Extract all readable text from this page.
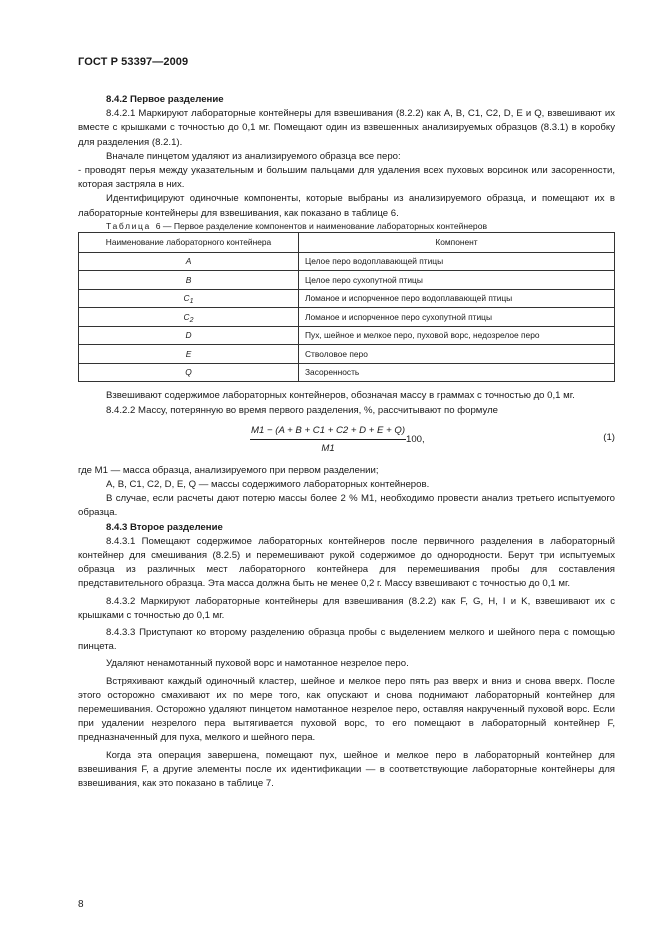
ГОСТ Р 53397—2009

8.4.2 Первое разделение

8.4.2.1 Маркируют лабораторные контейнеры для взвешивания (8.2.2) как A, B, C1, C2, D, E и Q, взвешивают их вместе с крышками с точностью до 0,1 мг. Помещают один из взвешенных анализируемых образцов (8.3.1) в коробку для разделения (8.2.1).

Вначале пинцетом удаляют из анализируемого образца все перо:

- проводят перья между указательным и большим пальцами для удаления всех пуховых ворсинок или засоренности, которая застряла в них.

Идентифицируют одиночные компоненты, которые выбраны из анализируемого образца, и помещают их в лабораторные контейнеры для взвешивания, как показано в таблице 6.

Таблица 6 — Первое разделение компонентов и наименование лабораторных контейнеров

Наименование лабораторного контейнера	Компонент
A	Целое перо водоплавающей птицы
B	Целое перо сухопутной птицы
$C_1$	Ломаное и испорченное перо водоплавающей птицы
$C_2$	Ломаное и испорченное перо сухопутной птицы
D	Пух, шейное и мелкое перо, пуховой ворс, недозрелое перо
E	Стволовое перо
Q	Засоренность

Взвешивают содержимое лабораторных контейнеров, обозначая массу в граммах с точностью до 0,1 мг.

8.4.2.2 Массу, потерянную во время первого разделения, %, рассчитывают по формуле

$\frac{M1 - (A + B + C1 + C2 + D + E + Q)}{M1} 100$,	(1)

где M1 — масса образца, анализируемого при первом разделении;

A, B, C1, C2, D, E, Q — массы содержимого лабораторных контейнеров.

В случае, если расчеты дают потерю массы более 2 % M1, необходимо провести анализ третьего испытуемого образца.

8.4.3 Второе разделение

8.4.3.1 Помещают содержимое лабораторных контейнеров после первичного разделения в лабораторный контейнер для смешивания (8.2.5) и перемешивают рукой содержимое до однородности. Берут три испытуемых образца из различных мест лабораторного контейнера для перемешивания пробы для составления представительного образца. Эта масса должна быть не менее 0,2 г. Массу взвешивают с точностью до 0,1 мг.

8.4.3.2 Маркируют лабораторные контейнеры для взвешивания (8.2.2) как F, G, H, I и K, взвешивают их с крышками с точностью до 0,1 мг.

8.4.3.3 Приступают ко второму разделению образца пробы с выделением мелкого и шейного пера с помощью пинцета.

Удаляют ненамотанный пуховой ворс и намотанное незрелое перо.

Встряхивают каждый одиночный кластер, шейное и мелкое перо пять раз вверх и вниз и снова вверх. После этого осторожно смахивают их по мере того, как опускают и снова поднимают лабораторный контейнер для перемешивания. Осторожно удаляют пинцетом намотанное незрелое перо, оставляя накрученный пуховой ворс. Если при удалении незрелого пера вытягивается пуховой ворс, то его помещают в лабораторный контейнер F, предназначенный для пуха, мелкого и шейного пера.

Когда эта операция завершена, помещают пух, шейное и мелкое перо в лабораторный контейнер для взвешивания F, а другие элементы после их идентификации — в соответствующие лабораторные контейнеры для взвешивания, как это показано в таблице 7.

8
